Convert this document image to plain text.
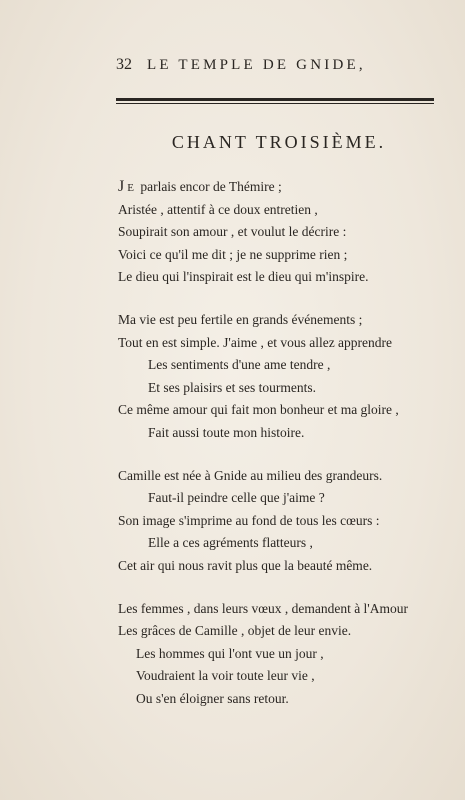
32 LE TEMPLE DE GNIDE,
CHANT TROISIÈME.
Je parlais encor de Thémire ;
Aristée , attentif à ce doux entretien ,
Soupirait son amour , et voulut le décrire :
Voici ce qu'il me dit ; je ne supprime rien ;
Le dieu qui l'inspirait est le dieu qui m'inspire.
Ma vie est peu fertile en grands événements ;
Tout en est simple. J'aime , et vous allez apprendre
Les sentiments d'une ame tendre ,
Et ses plaisirs et ses tourments.
Ce même amour qui fait mon bonheur et ma gloire ,
Fait aussi toute mon histoire.
Camille est née à Gnide au milieu des grandeurs.
Faut-il peindre celle que j'aime ?
Son image s'imprime au fond de tous les cœurs :
Elle a ces agréments flatteurs ,
Cet air qui nous ravit plus que la beauté même.
Les femmes , dans leurs vœux , demandent à l'Amour
Les grâces de Camille , objet de leur envie.
Les hommes qui l'ont vue un jour ,
Voudraient la voir toute leur vie ,
Ou s'en éloigner sans retour.
